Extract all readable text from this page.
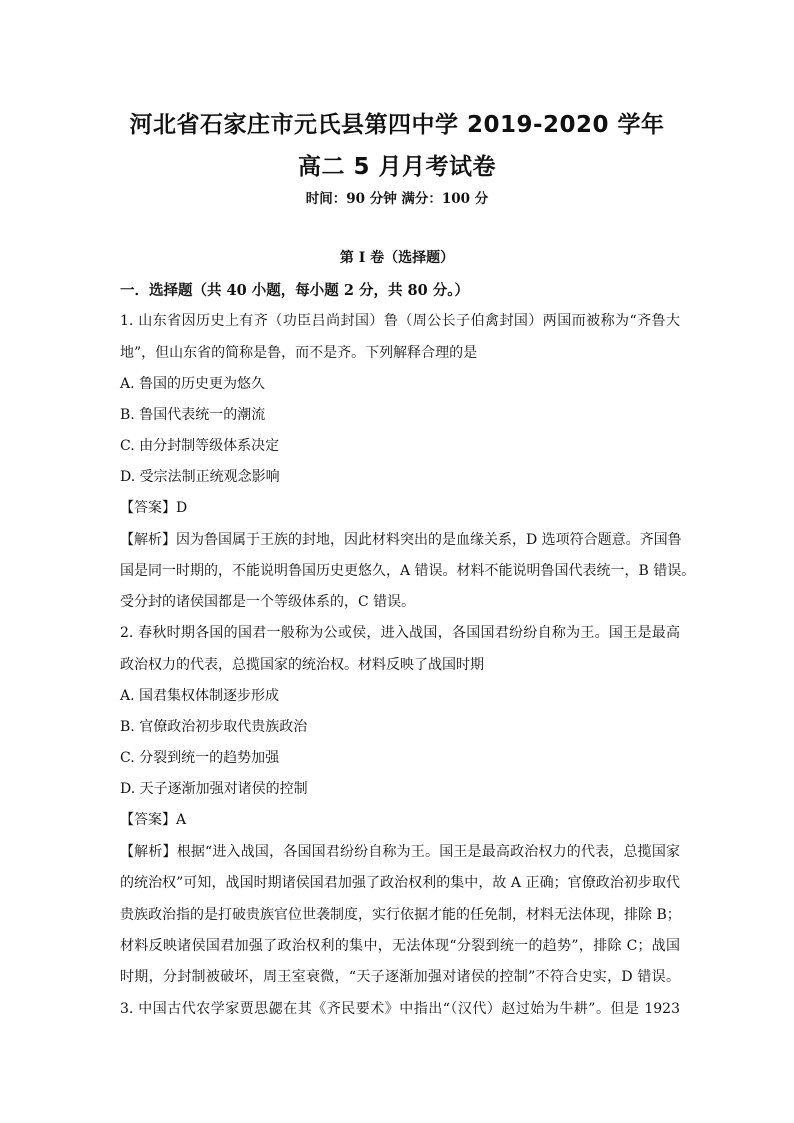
河北省石家庄市元氏县第四中学 2019-2020 学年
高二 5 月月考试卷
时间：90 分钟 满分：100 分
第 I 卷（选择题）
一．选择题（共 40 小题，每小题 2 分，共 80 分。）
1. 山东省因历史上有齐（功臣吕尚封国）鲁（周公长子伯禽封国）两国而被称为“齐鲁大
地”，但山东省的简称是鲁，而不是齐。下列解释合理的是
A. 鲁国的历史更为悠久
B. 鲁国代表统一的潮流
C. 由分封制等级体系决定
D. 受宗法制正统观念影响
【答案】D
【解析】因为鲁国属于王族的封地，因此材料突出的是血缘关系，D 选项符合题意。齐国鲁
国是同一时期的，不能说明鲁国历史更悠久，A 错误。材料不能说明鲁国代表统一，B 错误。
受分封的诸侯国都是一个等级体系的，C 错误。
2. 春秋时期各国的国君一般称为公或侯，进入战国，各国国君纷纷自称为王。国王是最高
政治权力的代表，总揽国家的统治权。材料反映了战国时期
A. 国君集权体制逐步形成
B. 官僚政治初步取代贵族政治
C. 分裂到统一的趋势加强
D. 天子逐渐加强对诸侯的控制
【答案】A
【解析】根据“进入战国，各国国君纷纷自称为王。国王是最高政治权力的代表，总揽国家
的统治权”可知，战国时期诸侯国君加强了政治权利的集中，故 A 正确；官僚政治初步取代
贵族政治指的是打破贵族官位世袭制度，实行依据才能的任免制，材料无法体现，排除 B；
材料反映诸侯国君加强了政治权利的集中，无法体现“分裂到统一的趋势”，排除 C；战国
时期，分封制被破坏，周王室衰微，“天子逐渐加强对诸侯的控制”不符合史实，D 错误。
3. 中国古代农学家贾思勰在其《齐民要术》中指出“（汉代）赵过始为牛耕”。但是 1923
